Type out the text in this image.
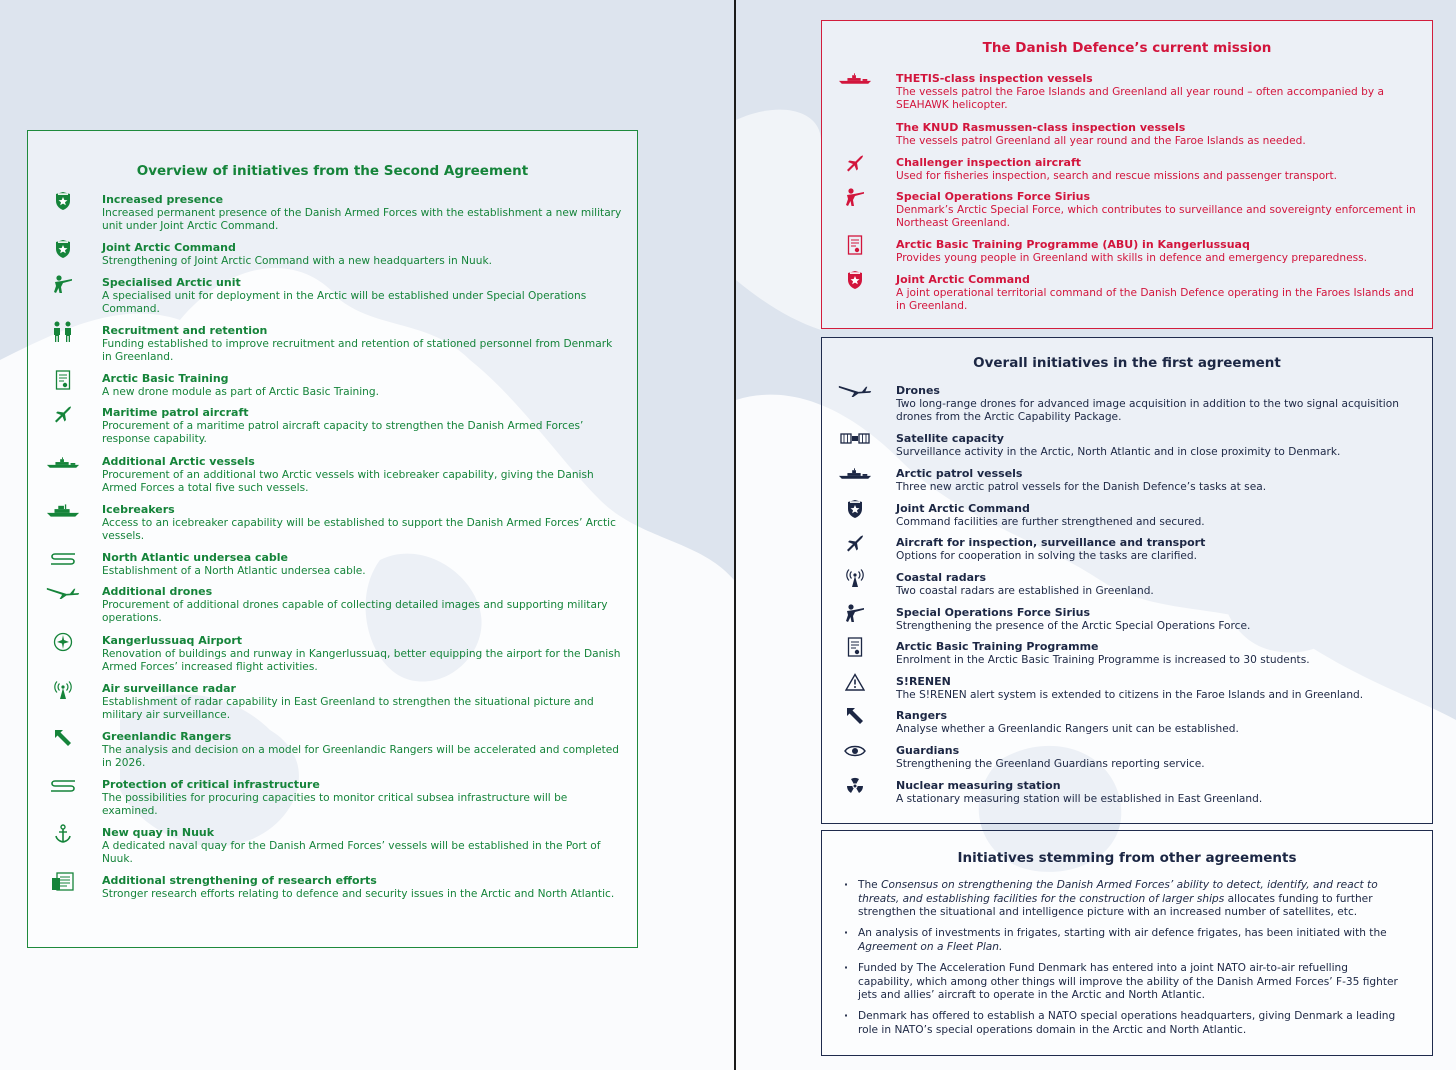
Overview of initiatives from the Second Agreement
Increased presence
Increased permanent presence of the Danish Armed Forces with the establishment a new military unit under Joint Arctic Command.
Joint Arctic Command
Strengthening of Joint Arctic Command with a new headquarters in Nuuk.
Specialised Arctic unit
A specialised unit for deployment in the Arctic will be established under Special Operations Command.
Recruitment and retention
Funding established to improve recruitment and retention of stationed personnel from Denmark in Greenland.
Arctic Basic Training
A new drone module as part of Arctic Basic Training.
Maritime patrol aircraft
Procurement of a maritime patrol aircraft capacity to strengthen the Danish Armed Forces’ response capability.
Additional Arctic vessels
Procurement of an additional two Arctic vessels with icebreaker capability, giving the Danish Armed Forces a total five such vessels.
Icebreakers
Access to an icebreaker capability will be established to support the Danish Armed Forces’ Arctic vessels.
North Atlantic undersea cable
Establishment of a North Atlantic undersea cable.
Additional drones
Procurement of additional drones capable of collecting detailed images and supporting military operations.
Kangerlussuaq Airport
Renovation of buildings and runway in Kangerlussuaq, better equipping the airport for the Danish Armed Forces’ increased flight activities.
Air surveillance radar
Establishment of radar capability in East Greenland to strengthen the situational picture and military air surveillance.
Greenlandic Rangers
The analysis and decision on a model for Greenlandic Rangers will be accelerated and completed in 2026.
Protection of critical infrastructure
The possibilities for procuring capacities to monitor critical subsea infrastructure will be examined.
New quay in Nuuk
A dedicated naval quay for the Danish Armed Forces’ vessels will be established in the Port of Nuuk.
Additional strengthening of research efforts
Stronger research efforts relating to defence and security issues in the Arctic and North Atlantic.
The Danish Defence’s current mission
THETIS-class inspection vessels
The vessels patrol the Faroe Islands and Greenland all year round – often accompanied by a SEAHAWK helicopter.
The KNUD Rasmussen-class inspection vessels
The vessels patrol Greenland all year round and the Faroe Islands as needed.
Challenger inspection aircraft
Used for fisheries inspection, search and rescue missions and passenger transport.
Special Operations Force Sirius
Denmark’s Arctic Special Force, which contributes to surveillance and sovereignty enforcement in Northeast Greenland.
Arctic Basic Training Programme (ABU) in Kangerlussuaq
Provides young people in Greenland with skills in defence and emergency preparedness.
Joint Arctic Command
A joint operational territorial command of the Danish Defence operating in the Faroes Islands and in Greenland.
Overall initiatives in the first agreement
Drones
Two long-range drones for advanced image acquisition in addition to the two signal acquisition drones from the Arctic Capability Package.
Satellite capacity
Surveillance activity in the Arctic, North Atlantic and in close proximity to Denmark.
Arctic patrol vessels
Three new arctic patrol vessels for the Danish Defence’s tasks at sea.
Joint Arctic Command
Command facilities are further strengthened and secured.
Aircraft for inspection, surveillance and transport
Options for cooperation in solving the tasks are clarified.
Coastal radars
Two coastal radars are established in Greenland.
Special Operations Force Sirius
Strengthening the presence of the Arctic Special Operations Force.
Arctic Basic Training Programme
Enrolment in the Arctic Basic Training Programme is increased to 30 students.
S!RENEN
The S!RENEN alert system is extended to citizens in the Faroe Islands and in Greenland.
Rangers
Analyse whether a Greenlandic Rangers unit can be established.
Guardians
Strengthening the Greenland Guardians reporting service.
Nuclear measuring station
A stationary measuring station will be established in East Greenland.
Initiatives stemming from other agreements
· The Consensus on strengthening the Danish Armed Forces’ ability to detect, identify, and react to threats, and establishing facilities for the construction of larger ships allocates funding to further strengthen the situational and intelligence picture with an increased number of satellites, etc.
· An analysis of investments in frigates, starting with air defence frigates, has been initiated with the Agreement on a Fleet Plan.
· Funded by The Acceleration Fund Denmark has entered into a joint NATO air-to-air refuelling capability, which among other things will improve the ability of the Danish Armed Forces’ F-35 fighter jets and allies’ aircraft to operate in the Arctic and North Atlantic.
· Denmark has offered to establish a NATO special operations headquarters, giving Denmark a leading role in NATO’s special operations domain in the Arctic and North Atlantic.
